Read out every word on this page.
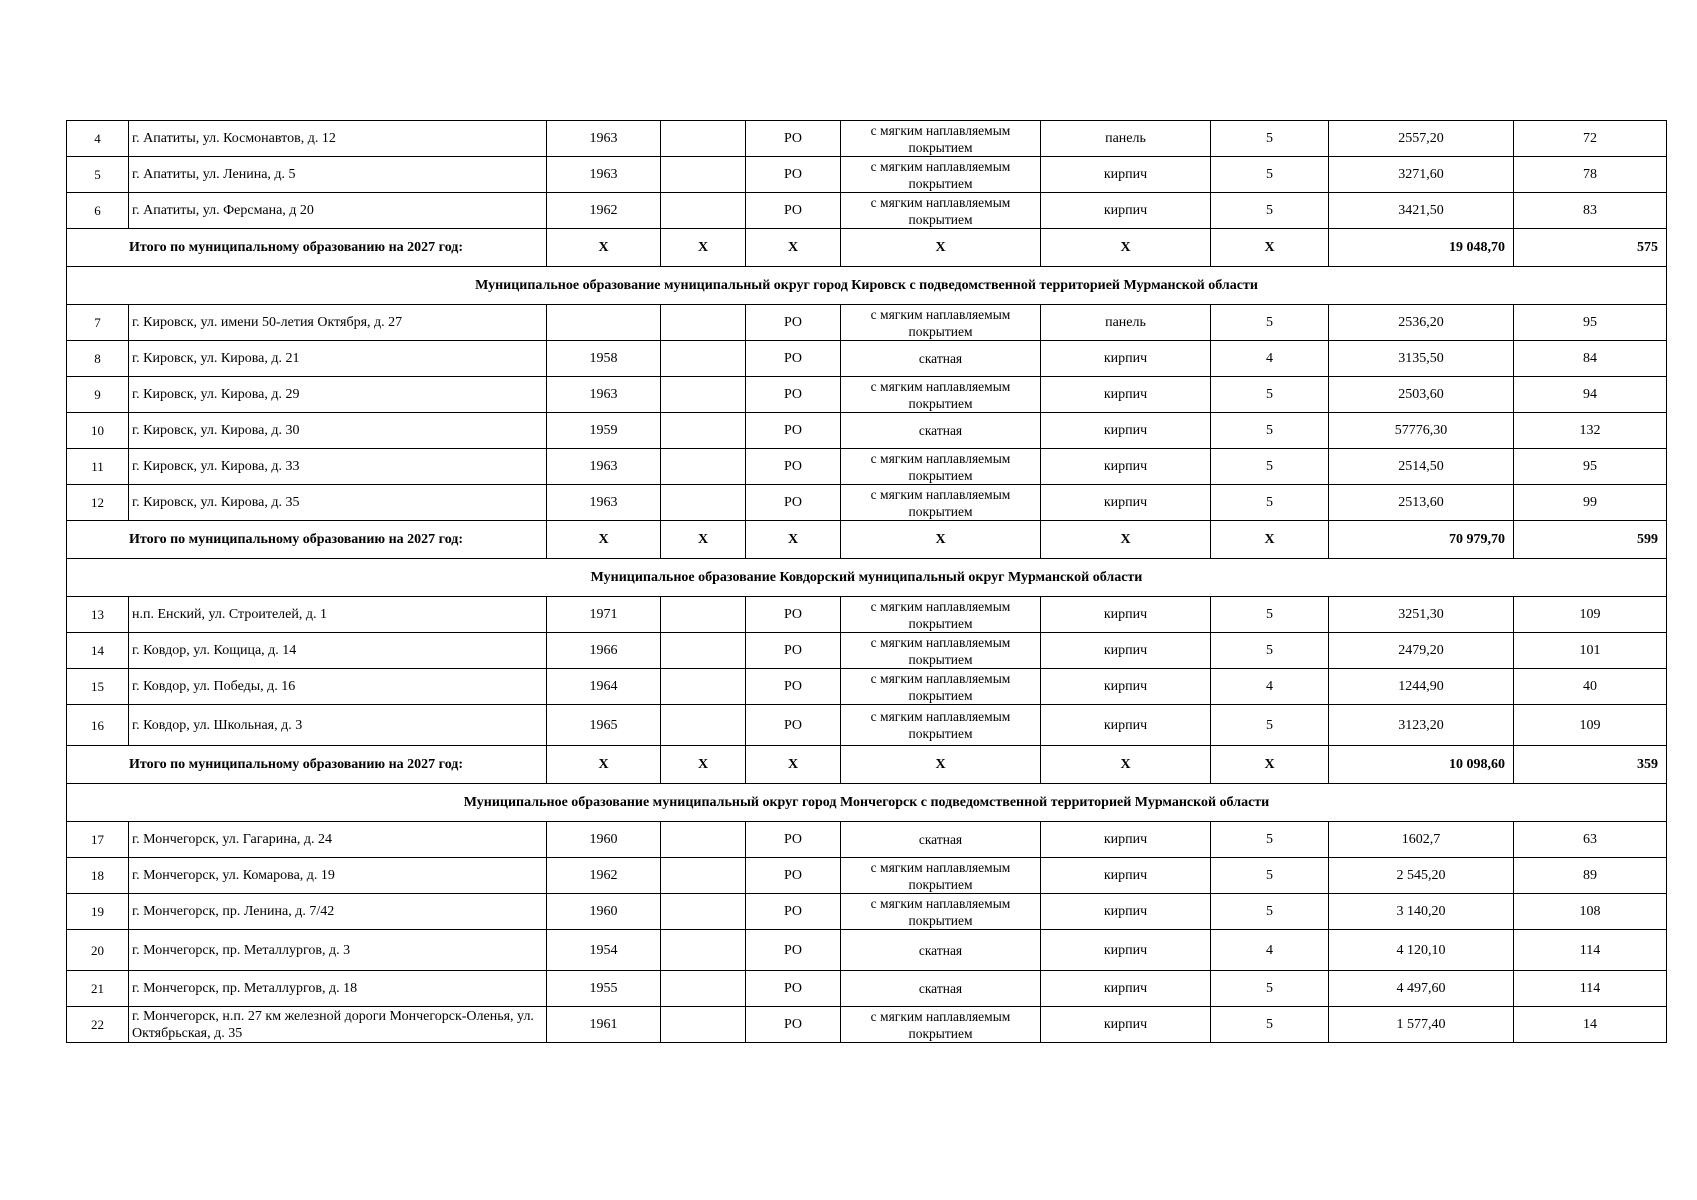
4	г. Апатиты, ул. Космонавтов, д. 12	1963		РО	с мягким наплавляемым покрытием	панель	5	2557,20	72
5	г. Апатиты, ул. Ленина, д. 5	1963		РО	с мягким наплавляемым покрытием	кирпич	5	3271,60	78
6	г. Апатиты, ул. Ферсмана, д 20	1962		РО	с мягким наплавляемым покрытием	кирпич	5	3421,50	83
Итого по муниципальному образованию на 2027 год:		X	X	X	X	X	X	19 048,70	575
Муниципальное образование муниципальный округ город Кировск с подведомственной территорией Мурманской области									
7	г. Кировск, ул. имени 50-летия Октября, д. 27			РО	с мягким наплавляемым покрытием	панель	5	2536,20	95
8	г. Кировск, ул. Кирова, д. 21	1958		РО	скатная	кирпич	4	3135,50	84
9	г. Кировск, ул. Кирова, д. 29	1963		РО	с мягким наплавляемым покрытием	кирпич	5	2503,60	94
10	г. Кировск, ул. Кирова, д. 30	1959		РО	скатная	кирпич	5	57776,30	132
11	г. Кировск, ул. Кирова, д. 33	1963		РО	с мягким наплавляемым покрытием	кирпич	5	2514,50	95
12	г. Кировск, ул. Кирова, д. 35	1963		РО	с мягким наплавляемым покрытием	кирпич	5	2513,60	99
Итого по муниципальному образованию на 2027 год:		X	X	X	X	X	X	70 979,70	599
Муниципальное образование Ковдорский муниципальный округ Мурманской области									
13	н.п. Енский, ул. Строителей, д. 1	1971		РО	с мягким наплавляемым покрытием	кирпич	5	3251,30	109
14	г. Ковдор, ул. Кощица, д. 14	1966		РО	с мягким наплавляемым покрытием	кирпич	5	2479,20	101
15	г. Ковдор, ул. Победы, д. 16	1964		РО	с мягким наплавляемым покрытием	кирпич	4	1244,90	40
16	г. Ковдор, ул. Школьная, д. 3	1965		РО	с мягким наплавляемым покрытием	кирпич	5	3123,20	109
Итого по муниципальному образованию на 2027 год:		X	X	X	X	X	X	10 098,60	359
Муниципальное образование муниципальный округ город Мончегорск с подведомственной территорией Мурманской области									
17	г. Мончегорск, ул. Гагарина, д. 24	1960		РО	скатная	кирпич	5	1602,7	63
18	г. Мончегорск, ул. Комарова, д. 19	1962		РО	с мягким наплавляемым покрытием	кирпич	5	2 545,20	89
19	г. Мончегорск, пр. Ленина, д. 7/42	1960		РО	с мягким наплавляемым покрытием	кирпич	5	3 140,20	108
20	г. Мончегорск, пр. Металлургов, д. 3	1954		РО	скатная	кирпич	4	4 120,10	114
21	г. Мончегорск, пр. Металлургов, д. 18	1955		РО	скатная	кирпич	5	4 497,60	114
22	г. Мончегорск, н.п. 27 км железной дороги Мончегорск-Оленья, ул. Октябрьская, д. 35	1961		РО	с мягким наплавляемым покрытием	кирпич	5	1 577,40	14
